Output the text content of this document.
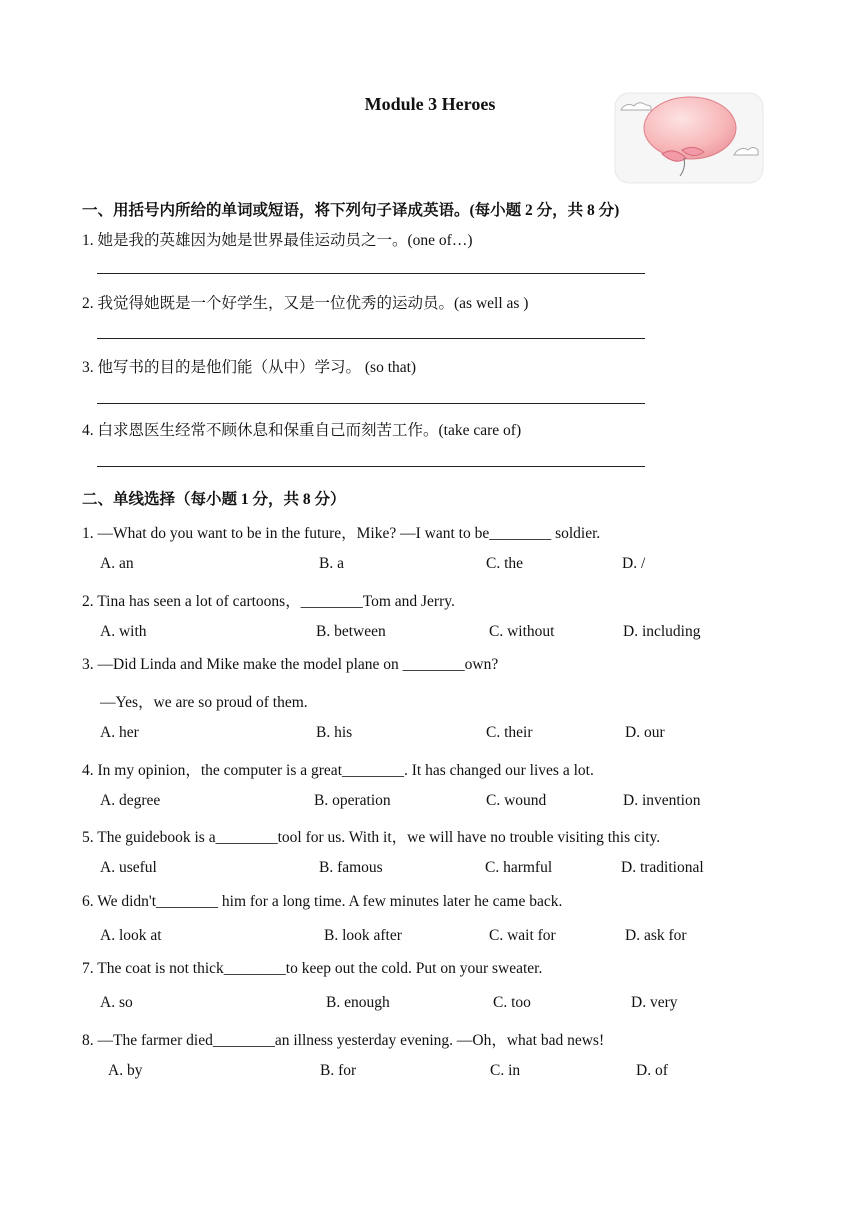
Module 3 Heroes
一、用括号内所给的单词或短语，将下列句子译成英语。(每小题 2 分，共 8 分)
1. 她是我的英雄因为她是世界最佳运动员之一。(one of…)
2. 我觉得她既是一个好学生，又是一位优秀的运动员。(as well as )
3. 他写书的目的是他们能（从中）学习。 (so that)
4. 白求恩医生经常不顾休息和保重自己而刻苦工作。(take care of)
二、单线选择（每小题 1 分，共 8 分）
1. —What do you want to be in the future，Mike? —I want to be________ soldier.
A. an	B. a	C. the	D. /
2. Tina has seen a lot of cartoons，________Tom and Jerry.
A. with	B. between	C. without	D. including
3. —Did Linda and Mike make the model plane on ________own?
—Yes，we are so proud of them.
A. her	B. his	C. their	D. our
4. In my opinion，the computer is a great________. It has changed our lives a lot.
A. degree	B. operation	C. wound	D. invention
5. The guidebook is a________tool for us. With it，we will have no trouble visiting this city.
A. useful	B. famous	C. harmful	D. traditional
6. We didn't________ him for a long time. A few minutes later he came back.
A. look at	B. look after	C. wait for	D. ask for
7. The coat is not thick________to keep out the cold. Put on your sweater.
A. so	B. enough	C. too	D. very
8. —The farmer died________an illness yesterday evening. —Oh，what bad news!
A. by	B. for	C. in	D. of
